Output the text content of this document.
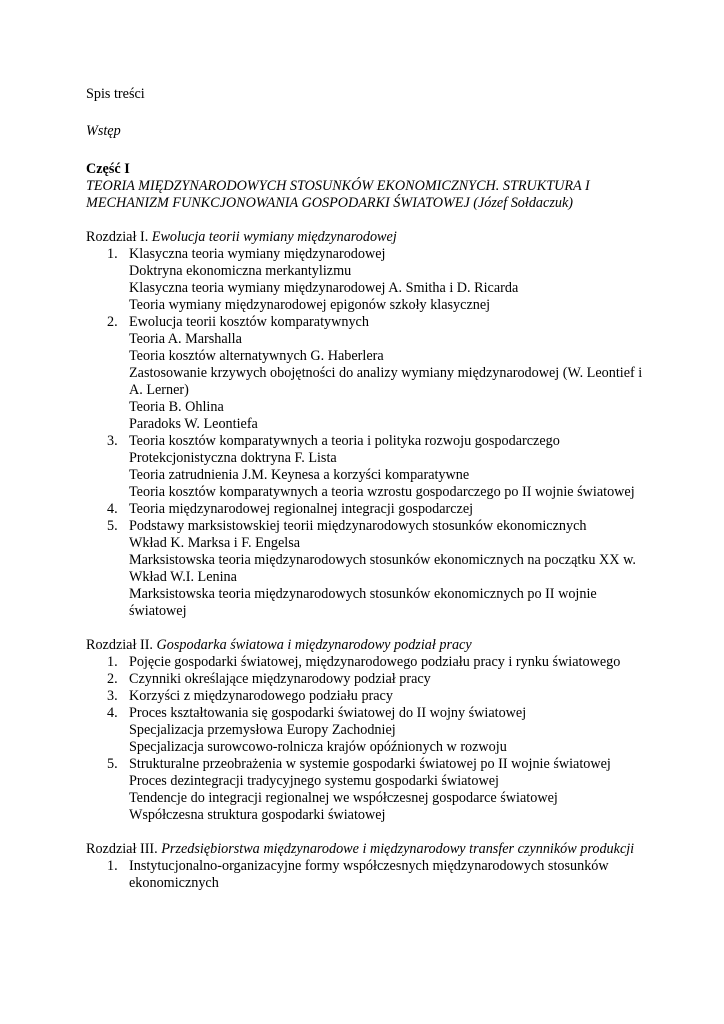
Spis treści

Wstęp

Część I

TEORIA MIĘDZYNARODOWYCH STOSUNKÓW EKONOMICZNYCH. STRUKTURA I MECHANIZM FUNKCJONOWANIA GOSPODARKI ŚWIATOWEJ (Józef Sołdaczuk)

Rozdział I. Ewolucja teorii wymiany międzynarodowej

1. Klasyczna teoria wymiany międzynarodowej
Doktryna ekonomiczna merkantylizmu
Klasyczna teoria wymiany międzynarodowej A. Smitha i D. Ricarda
Teoria wymiany międzynarodowej epigonów szkoły klasycznej
2. Ewolucja teorii kosztów komparatywnych
Teoria A. Marshalla
Teoria kosztów alternatywnych G. Haberlera
Zastosowanie krzywych obojętności do analizy wymiany międzynarodowej (W. Leontief i A. Lerner)
Teoria B. Ohlina
Paradoks W. Leontiefa
3. Teoria kosztów komparatywnych a teoria i polityka rozwoju gospodarczego
Protekcjonistyczna doktryna F. Lista
Teoria zatrudnienia J.M. Keynesa a korzyści komparatywne
Teoria kosztów komparatywnych a teoria wzrostu gospodarczego po II wojnie światowej
4. Teoria międzynarodowej regionalnej integracji gospodarczej
5. Podstawy marksistowskiej teorii międzynarodowych stosunków ekonomicznych
Wkład K. Marksa i F. Engelsa
Marksistowska teoria międzynarodowych stosunków ekonomicznych na początku XX w.
Wkład W.I. Lenina
Marksistowska teoria międzynarodowych stosunków ekonomicznych po II wojnie światowej

Rozdział II. Gospodarka światowa i międzynarodowy podział pracy

1. Pojęcie gospodarki światowej, międzynarodowego podziału pracy i rynku światowego
2. Czynniki określające międzynarodowy podział pracy
3. Korzyści z międzynarodowego podziału pracy
4. Proces kształtowania się gospodarki światowej do II wojny światowej
Specjalizacja przemysłowa Europy Zachodniej
Specjalizacja surowcowo-rolnicza krajów opóźnionych w rozwoju
5. Strukturalne przeobrażenia w systemie gospodarki światowej po II wojnie światowej
Proces dezintegracji tradycyjnego systemu gospodarki światowej
Tendencje do integracji regionalnej we współczesnej gospodarce światowej
Współczesna struktura gospodarki światowej

Rozdział III. Przedsiębiorstwa międzynarodowe i międzynarodowy transfer czynników produkcji

1. Instytucjonalno-organizacyjne formy współczesnych międzynarodowych stosunków ekonomicznych
